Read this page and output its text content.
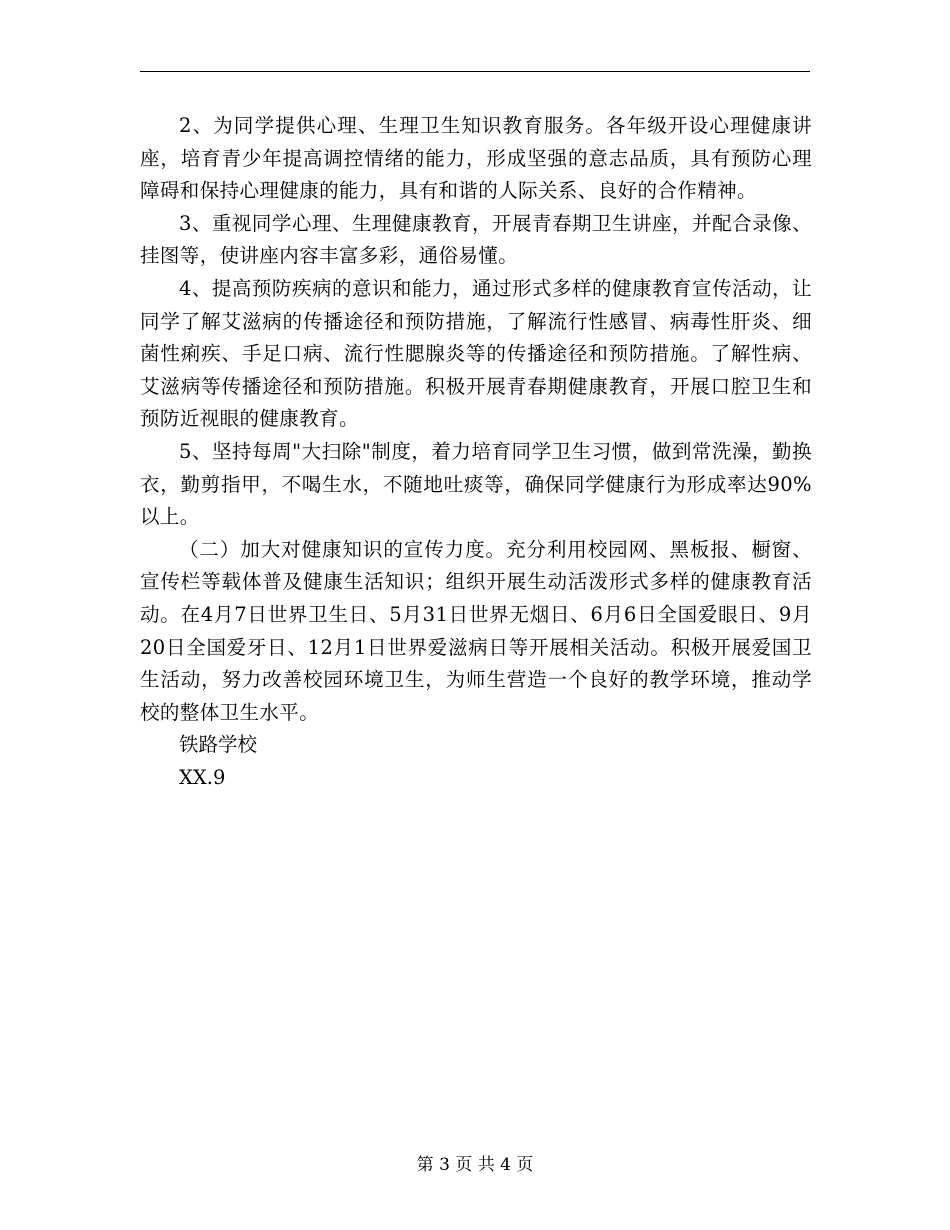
2、为同学提供心理、生理卫生知识教育服务。各年级开设心理健康讲座，培育青少年提高调控情绪的能力，形成坚强的意志品质，具有预防心理障碍和保持心理健康的能力，具有和谐的人际关系、良好的合作精神。

3、重视同学心理、生理健康教育，开展青春期卫生讲座，并配合录像、挂图等，使讲座内容丰富多彩，通俗易懂。

4、提高预防疾病的意识和能力，通过形式多样的健康教育宣传活动，让同学了解艾滋病的传播途径和预防措施，了解流行性感冒、病毒性肝炎、细菌性痢疾、手足口病、流行性腮腺炎等的传播途径和预防措施。了解性病、艾滋病等传播途径和预防措施。积极开展青春期健康教育，开展口腔卫生和预防近视眼的健康教育。

5、坚持每周"大扫除"制度，着力培育同学卫生习惯，做到常洗澡，勤换衣，勤剪指甲，不喝生水，不随地吐痰等，确保同学健康行为形成率达90%以上。

（二）加大对健康知识的宣传力度。充分利用校园网、黑板报、橱窗、宣传栏等载体普及健康生活知识；组织开展生动活泼形式多样的健康教育活动。在4月7日世界卫生日、5月31日世界无烟日、6月6日全国爱眼日、9月20日全国爱牙日、12月1日世界爱滋病日等开展相关活动。积极开展爱国卫生活动，努力改善校园环境卫生，为师生营造一个良好的教学环境，推动学校的整体卫生水平。

铁路学校

XX.9

第 3 页 共 4 页
